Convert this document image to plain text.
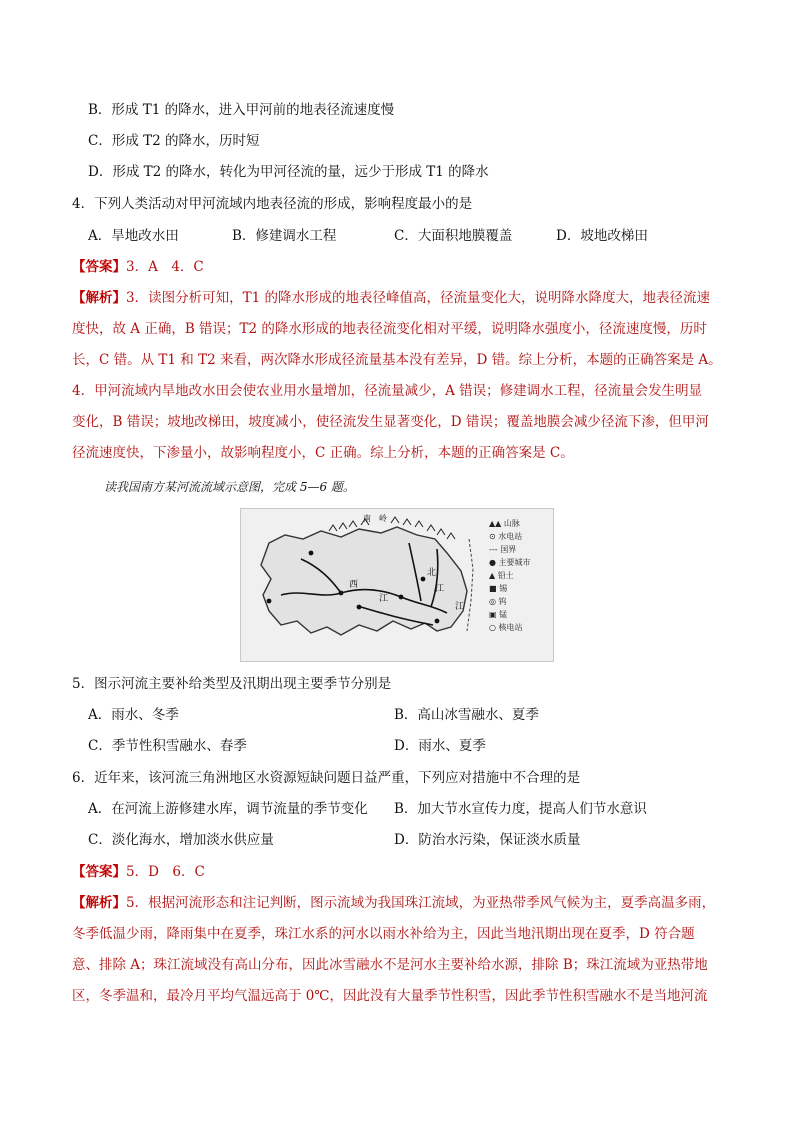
B．形成 T1 的降水，进入甲河前的地表径流速度慢
C．形成 T2 的降水，历时短
D．形成 T2 的降水，转化为甲河径流的量，远少于形成 T1 的降水
4．下列人类活动对甲河流域内地表径流的形成，影响程度最小的是
A．旱地改水田	B．修建调水工程	C．大面积地膜覆盖	D．坡地改梯田
【答案】3．A　4．C
【解析】3．读图分析可知，T1 的降水形成的地表径峰值高，径流量变化大，说明降水降度大，地表径流速
度快，故 A 正确，B 错误；T2 的降水形成的地表径流变化相对平缓，说明降水强度小，径流速度慢，历时
长，C 错。从 T1 和 T2 来看，两次降水形成径流量基本没有差异，D 错。综上分析，本题的正确答案是 A。
4．甲河流域内旱地改水田会使农业用水量增加，径流量减少，A 错误；修建调水工程，径流量会发生明显
变化，B 错误；坡地改梯田，坡度减小，使径流发生显著变化，D 错误；覆盖地膜会减少径流下渗，但甲河
径流速度快，下渗量小，故影响程度小，C 正确。综上分析，本题的正确答案是 C。
读我国南方某河流流域示意图，完成 5—6 题。
南　岭
西
江
北
江
江
▲▲ 山脉
⊙ 水电站
--- 国界
● 主要城市
▲ 铅土
■ 锡
◎ 钨
▣ 锰
○ 核电站
5．图示河流主要补给类型及汛期出现主要季节分别是
A．雨水、冬季	B．高山冰雪融水、夏季
C．季节性积雪融水、春季	D．雨水、夏季
6．近年来，该河流三角洲地区水资源短缺问题日益严重，下列应对措施中不合理的是
A．在河流上游修建水库，调节流量的季节变化 B．加大节水宣传力度，提高人们节水意识
C．淡化海水，增加淡水供应量	D．防治水污染，保证淡水质量
【答案】5．D　6．C
【解析】5．根据河流形态和注记判断，图示流域为我国珠江流域，为亚热带季风气候为主，夏季高温多雨，
冬季低温少雨，降雨集中在夏季，珠江水系的河水以雨水补给为主，因此当地汛期出现在夏季，D 符合题
意、排除 A；珠江流域没有高山分布，因此冰雪融水不是河水主要补给水源，排除 B；珠江流域为亚热带地
区，冬季温和，最冷月平均气温远高于 0℃，因此没有大量季节性积雪，因此季节性积雪融水不是当地河流
